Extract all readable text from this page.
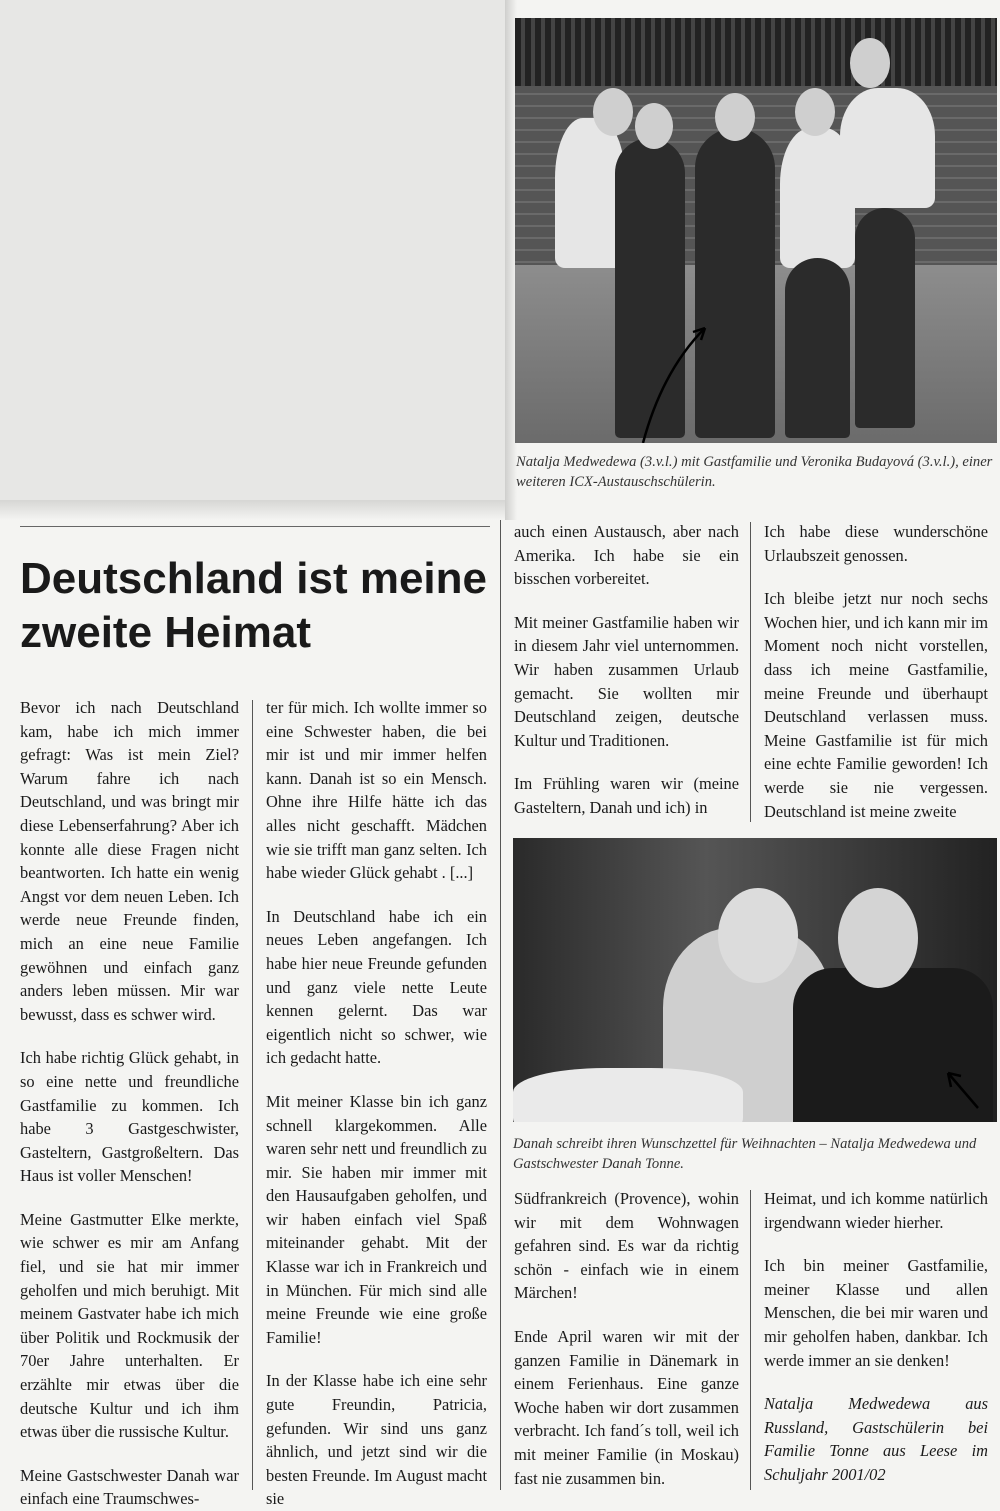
Natalja Medwedewa (3.v.l.) mit Gastfamilie und Veronika Budayová (3.v.l.), einer weiteren ICX-Austauschschülerin.
Deutschland ist meine zweite Heimat

Bevor ich nach Deutschland kam, habe ich mich immer gefragt: Was ist mein Ziel? Warum fahre ich nach Deutschland, und was bringt mir diese Lebenserfahrung? Aber ich konnte alle diese Fragen nicht beantworten. Ich hatte ein wenig Angst vor dem neuen Leben. Ich werde neue Freunde finden, mich an eine neue Familie gewöhnen und einfach ganz anders leben müssen. Mir war bewusst, dass es schwer wird.

Ich habe richtig Glück gehabt, in so eine nette und freundliche Gastfamilie zu kommen. Ich habe 3 Gastgeschwister, Gasteltern, Gastgroßeltern. Das Haus ist voller Menschen!

Meine Gastmutter Elke merkte, wie schwer es mir am Anfang fiel, und sie hat mir immer geholfen und mich beruhigt. Mit meinem Gastvater habe ich mich über Politik und Rockmusik der 70er Jahre unterhalten. Er erzählte mir etwas über die deutsche Kultur und ich ihm etwas über die russische Kultur.

Meine Gastschwester Danah war einfach eine Traumschwes-

ter für mich. Ich wollte immer so eine Schwester haben, die bei mir ist und mir immer helfen kann. Danah ist so ein Mensch. Ohne ihre Hilfe hätte ich das alles nicht geschafft. Mädchen wie sie trifft man ganz selten. Ich habe wieder Glück gehabt . [...]

In Deutschland habe ich ein neues Leben angefangen. Ich habe hier neue Freunde gefunden und ganz viele nette Leute kennen gelernt. Das war eigentlich nicht so schwer, wie ich gedacht hatte.

Mit meiner Klasse bin ich ganz schnell klargekommen. Alle waren sehr nett und freundlich zu mir. Sie haben mir immer mit den Hausaufgaben geholfen, und wir haben einfach viel Spaß miteinander gehabt. Mit der Klasse war ich in Frankreich und in München. Für mich sind alle meine Freunde wie eine große Familie!

In der Klasse habe ich eine sehr gute Freundin, Patricia, gefunden. Wir sind uns ganz ähnlich, und jetzt sind wir die besten Freunde. Im August macht sie

auch einen Austausch, aber nach Amerika. Ich habe sie ein bisschen vorbereitet.

Mit meiner Gastfamilie haben wir in diesem Jahr viel unternommen. Wir haben zusammen Urlaub gemacht. Sie wollten mir Deutschland zeigen, deutsche Kultur und Traditionen.

Im Frühling waren wir (meine Gasteltern, Danah und ich) in

Ich habe diese wunderschöne Urlaubszeit genossen.

Ich bleibe jetzt nur noch sechs Wochen hier, und ich kann mir im Moment noch nicht vorstellen, dass ich meine Gastfamilie, meine Freunde und überhaupt Deutschland verlassen muss. Meine Gastfamilie ist für mich eine echte Familie geworden! Ich werde sie nie vergessen. Deutschland ist meine zweite

Danah schreibt ihren Wunschzettel für Weihnachten – Natalja Medwedewa und Gastschwester Danah Tonne.

Südfrankreich (Provence), wohin wir mit dem Wohnwagen gefahren sind. Es war da richtig schön - einfach wie in einem Märchen!

Ende April waren wir mit der ganzen Familie in Dänemark in einem Ferienhaus. Eine ganze Woche haben wir dort zusammen verbracht. Ich fand´s toll, weil ich mit meiner Familie (in Moskau) fast nie zusammen bin.

Heimat, und ich komme natürlich irgendwann wieder hierher.

Ich bin meiner Gastfamilie, meiner Klasse und allen Menschen, die bei mir waren und mir geholfen haben, dankbar. Ich werde immer an sie denken!

Natalja Medwedewa aus Russland, Gastschülerin bei Familie Tonne aus Leese im Schuljahr 2001/02
